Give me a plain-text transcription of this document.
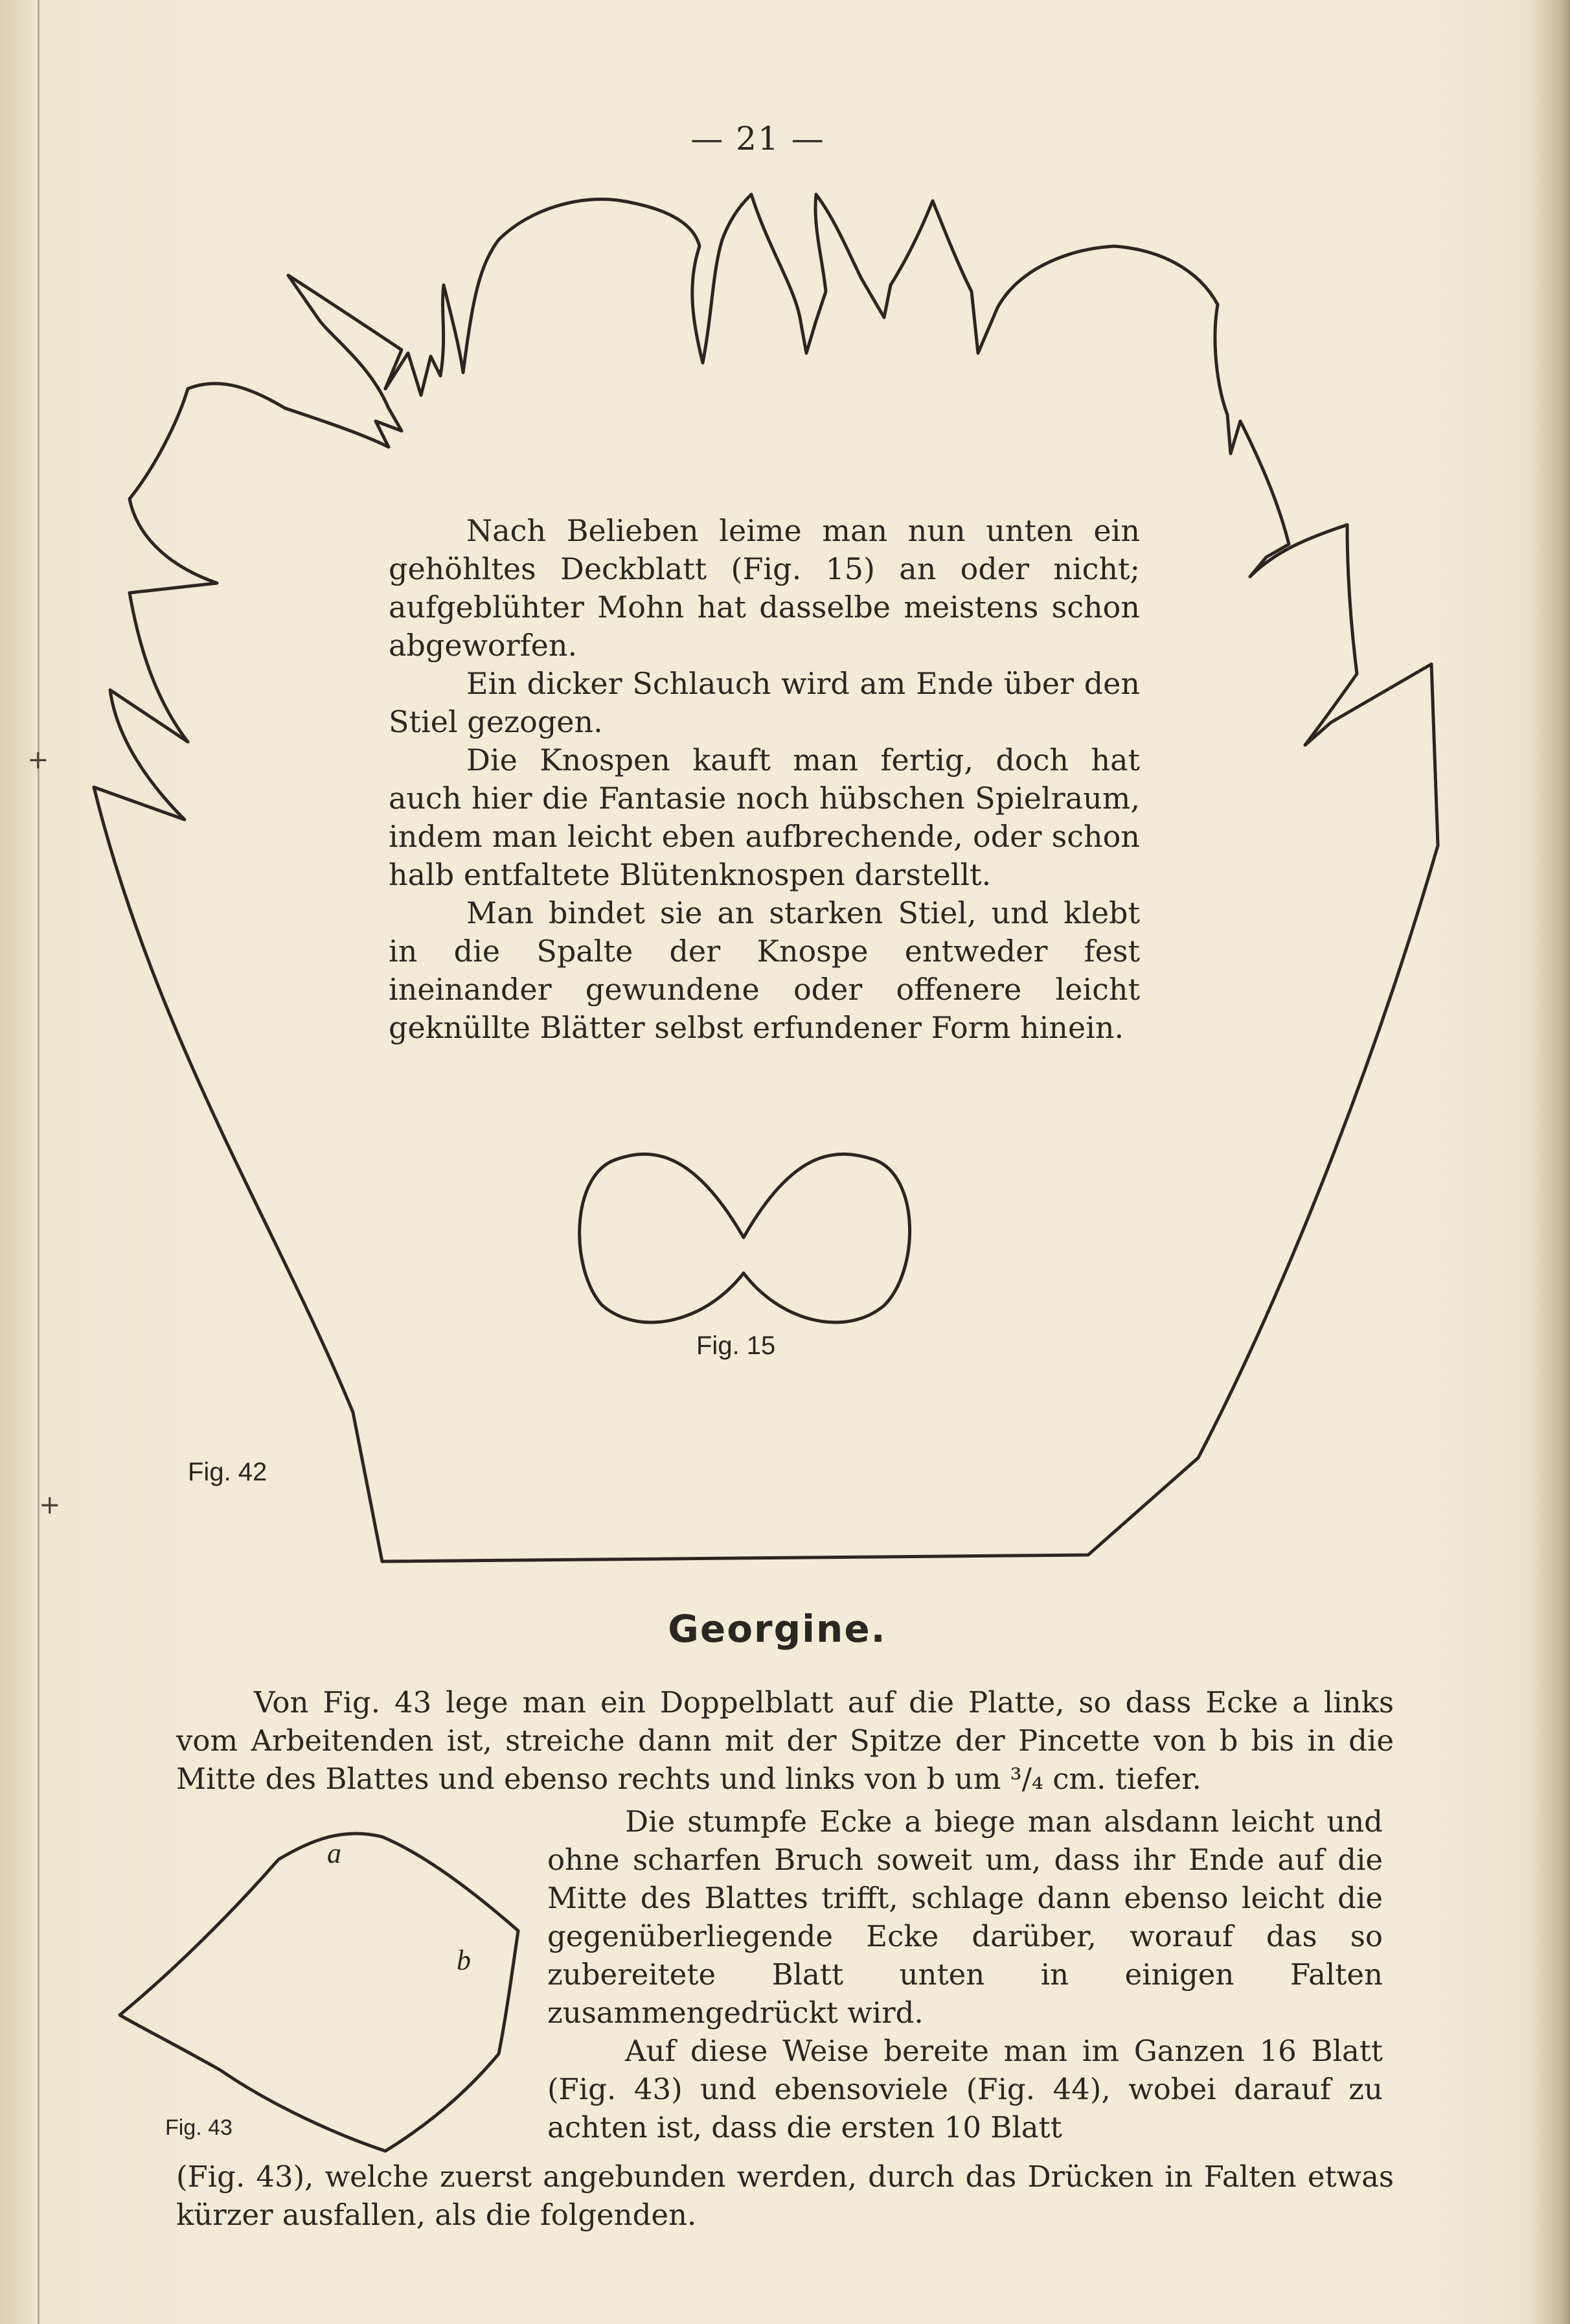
+
+
— 21 —

Nach Belieben leime man nun unten ein gehöhltes Deckblatt (Fig. 15) an oder nicht; aufgeblühter Mohn hat dasselbe meistens schon abgeworfen.

Ein dicker Schlauch wird am Ende über den Stiel gezogen.

Die Knospen kauft man fertig, doch hat auch hier die Fantasie noch hübschen Spielraum, indem man leicht eben aufbrechende, oder schon halb entfaltete Blütenknospen darstellt.

Man bindet sie an starken Stiel, und klebt in die Spalte der Knospe entweder fest ineinander gewundene oder offenere leicht geknüllte Blätter selbst erfundener Form hinein.

Fig. 15
Fig. 42
Georgine.

Von Fig. 43 lege man ein Doppelblatt auf die Platte, so dass Ecke a links vom Arbeitenden ist, streiche dann mit der Spitze der Pincette von b bis in die Mitte des Blattes und ebenso rechts und links von b um ³/₄ cm. tiefer.

a
b
Fig. 43

Die stumpfe Ecke a biege man alsdann leicht und ohne scharfen Bruch soweit um, dass ihr Ende auf die Mitte des Blattes trifft, schlage dann ebenso leicht die gegenüberliegende Ecke darüber, worauf das so zubereitete Blatt unten in einigen Falten zusammengedrückt wird.

Auf diese Weise bereite man im Ganzen 16 Blatt (Fig. 43) und ebensoviele (Fig. 44), wobei darauf zu achten ist, dass die ersten 10 Blatt

(Fig. 43), welche zuerst angebunden werden, durch das Drücken in Falten etwas kürzer ausfallen, als die folgenden.
